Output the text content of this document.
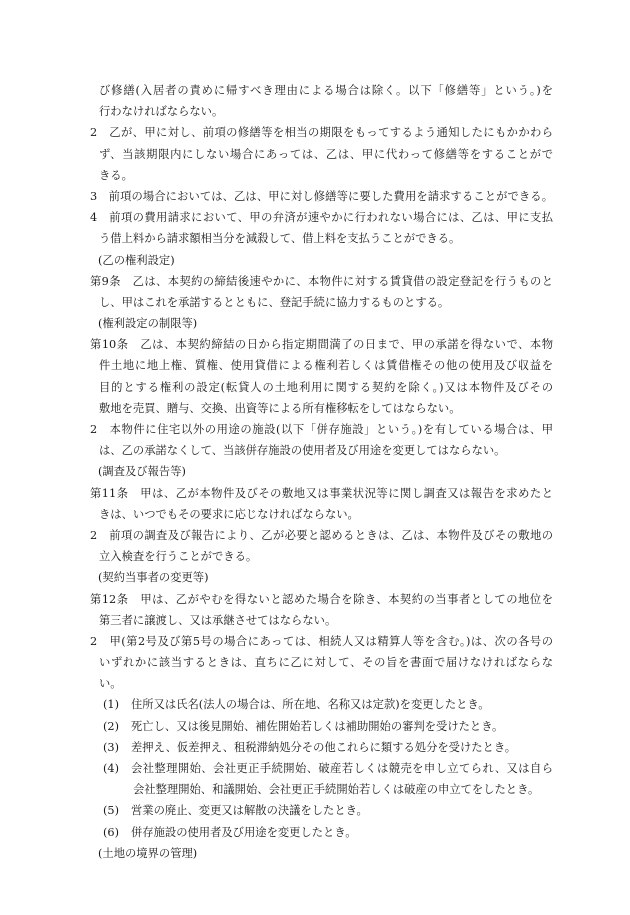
び修繕(入居者の責めに帰すべき理由による場合は除く。以下「修繕等」という。)を
行わなければならない。
2　乙が、甲に対し、前項の修繕等を相当の期限をもってするよう通知したにもかかわら
ず、当該期限内にしない場合にあっては、乙は、甲に代わって修繕等をすることがで
きる。
3　前項の場合においては、乙は、甲に対し修繕等に要した費用を請求することができる。
4　前項の費用請求において、甲の弁済が速やかに行われない場合には、乙は、甲に支払
う借上料から請求額相当分を減殺して、借上料を支払うことができる。
(乙の権利設定)
第9条　乙は、本契約の締結後速やかに、本物件に対する賃貸借の設定登記を行うものと
し、甲はこれを承諾するとともに、登記手続に協力するものとする。
(権利設定の制限等)
第10条　乙は、本契約締結の日から指定期間満了の日まで、甲の承諾を得ないで、本物
件土地に地上権、質権、使用貸借による権利若しくは賃借権その他の使用及び収益を
目的とする権利の設定(転貸人の土地利用に関する契約を除く。)又は本物件及びその
敷地を売買、贈与、交換、出資等による所有権移転をしてはならない。
2　本物件に住宅以外の用途の施設(以下「併存施設」という。)を有している場合は、甲
は、乙の承諾なくして、当該併存施設の使用者及び用途を変更してはならない。
(調査及び報告等)
第11条　甲は、乙が本物件及びその敷地又は事業状況等に関し調査又は報告を求めたと
きは、いつでもその要求に応じなければならない。
2　前項の調査及び報告により、乙が必要と認めるときは、乙は、本物件及びその敷地の
立入検査を行うことができる。
(契約当事者の変更等)
第12条　甲は、乙がやむを得ないと認めた場合を除き、本契約の当事者としての地位を
第三者に譲渡し、又は承継させてはならない。
2　甲(第2号及び第5号の場合にあっては、相続人又は精算人等を含む。)は、次の各号の
いずれかに該当するときは、直ちに乙に対して、その旨を書面で届けなければならな
い。
(1)	住所又は氏名(法人の場合は、所在地、名称又は定款)を変更したとき。
(2)	死亡し、又は後見開始、補佐開始若しくは補助開始の審判を受けたとき。
(3)	差押え、仮差押え、租税滞納処分その他これらに類する処分を受けたとき。
(4)	会社整理開始、会社更正手続開始、破産若しくは競売を申し立てられ、又は自ら
会社整理開始、和議開始、会社更正手続開始若しくは破産の申立てをしたとき。
(5)	営業の廃止、変更又は解散の決議をしたとき。
(6)	併存施設の使用者及び用途を変更したとき。
(土地の境界の管理)
